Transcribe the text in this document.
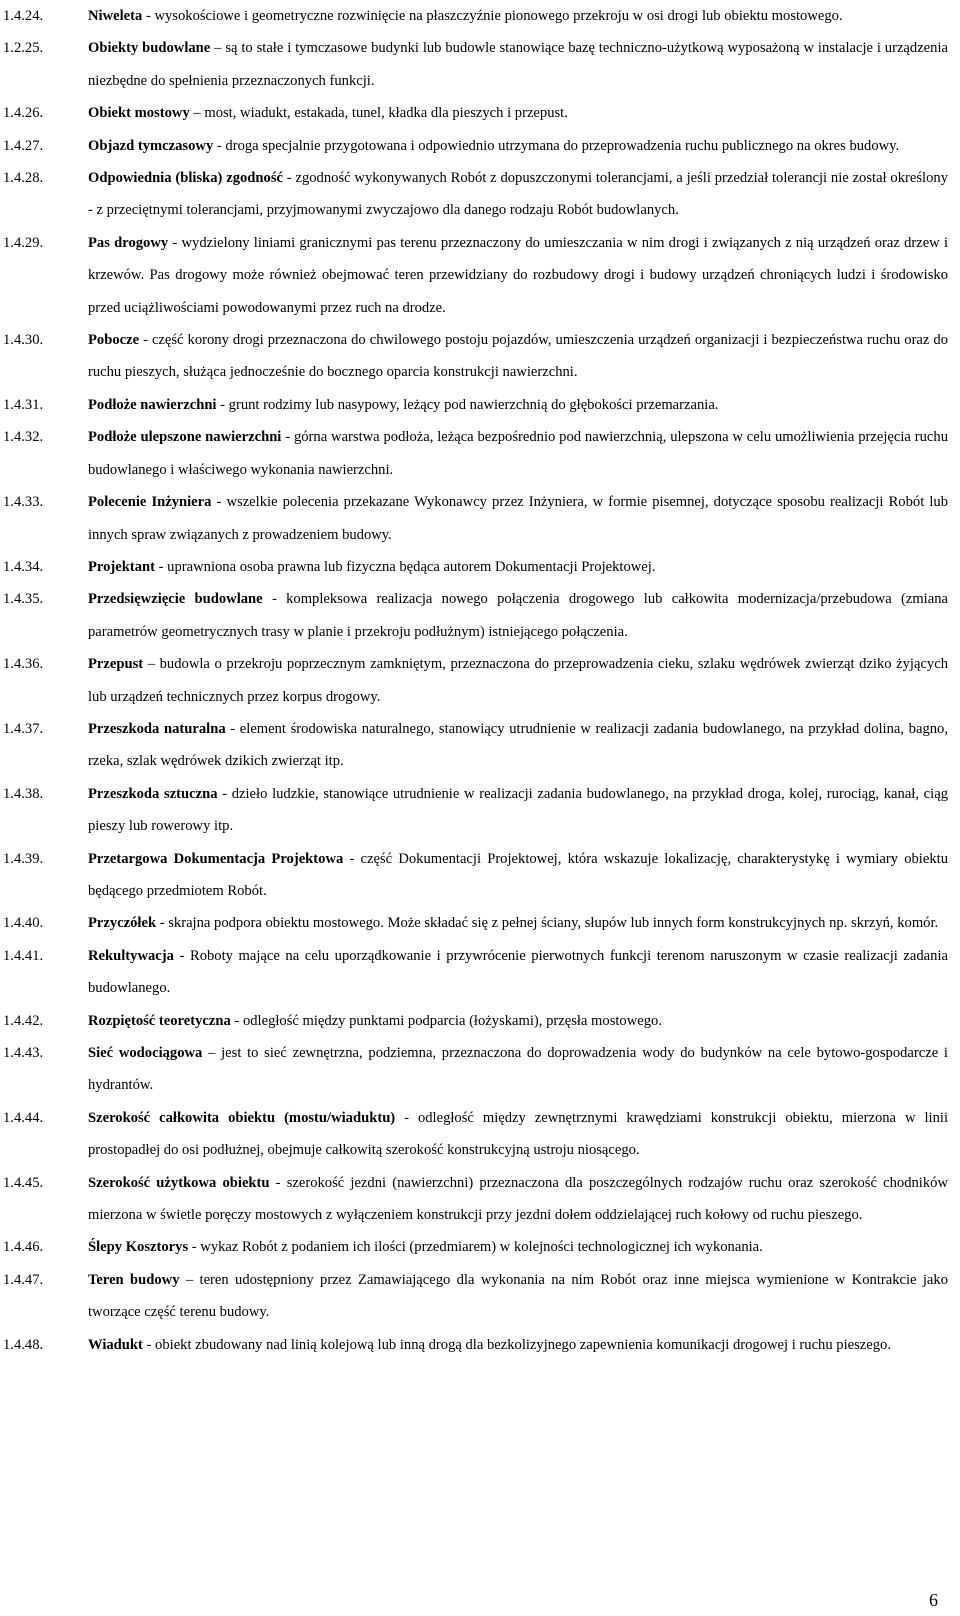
1.4.24.	Niweleta - wysokościowe i geometryczne rozwinięcie na płaszczyźnie pionowego przekroju w osi drogi lub obiektu mostowego.
1.2.25.	Obiekty budowlane – są to stałe i tymczasowe budynki lub budowle stanowiące bazę techniczno-użytkową wyposażoną w instalacje i urządzenia niezbędne do spełnienia przeznaczonych funkcji.
1.4.26.	Obiekt mostowy – most, wiadukt, estakada, tunel, kładka dla pieszych i przepust.
1.4.27.	Objazd tymczasowy - droga specjalnie przygotowana i odpowiednio utrzymana do przeprowadzenia ruchu publicznego na okres budowy.
1.4.28.	Odpowiednia (bliska) zgodność - zgodność wykonywanych Robót z dopuszczonymi tolerancjami, a jeśli przedział tolerancji nie został określony - z przeciętnymi tolerancjami, przyjmowanymi zwyczajowo dla danego rodzaju Robót budowlanych.
1.4.29.	Pas drogowy - wydzielony liniami granicznymi pas terenu przeznaczony do umieszczania w nim drogi i związanych z nią urządzeń oraz drzew i krzewów. Pas drogowy może również obejmować teren przewidziany do rozbudowy drogi i budowy urządzeń chroniących ludzi i środowisko przed uciążliwościami powodowanymi przez ruch na drodze.
1.4.30.	Pobocze - część korony drogi przeznaczona do chwilowego postoju pojazdów, umieszczenia urządzeń organizacji i bezpieczeństwa ruchu oraz do ruchu pieszych, służąca jednocześnie do bocznego oparcia konstrukcji nawierzchni.
1.4.31.	Podłoże nawierzchni - grunt rodzimy lub nasypowy, leżący pod nawierzchnią do głębokości przemarzania.
1.4.32.	Podłoże ulepszone nawierzchni - górna warstwa podłoża, leżąca bezpośrednio pod nawierzchnią, ulepszona w celu umożliwienia przejęcia ruchu budowlanego i właściwego wykonania nawierzchni.
1.4.33.	Polecenie Inżyniera - wszelkie polecenia przekazane Wykonawcy przez Inżyniera, w formie pisemnej, dotyczące sposobu realizacji Robót lub innych spraw związanych z prowadzeniem budowy.
1.4.34.	Projektant - uprawniona osoba prawna lub fizyczna będąca autorem Dokumentacji Projektowej.
1.4.35.	Przedsięwzięcie budowlane - kompleksowa realizacja nowego połączenia drogowego lub całkowita modernizacja/przebudowa (zmiana parametrów geometrycznych trasy w planie i przekroju podłużnym) istniejącego połączenia.
1.4.36.	Przepust – budowla o przekroju poprzecznym zamkniętym, przeznaczona do przeprowadzenia cieku, szlaku wędrówek zwierząt dziko żyjących lub urządzeń technicznych przez korpus drogowy.
1.4.37.	Przeszkoda naturalna - element środowiska naturalnego, stanowiący utrudnienie w realizacji zadania budowlanego, na przykład dolina, bagno, rzeka, szlak wędrówek dzikich zwierząt itp.
1.4.38.	Przeszkoda sztuczna - dzieło ludzkie, stanowiące utrudnienie w realizacji zadania budowlanego, na przykład droga, kolej, rurociąg, kanał, ciąg pieszy lub rowerowy itp.
1.4.39.	Przetargowa Dokumentacja Projektowa - część Dokumentacji Projektowej, która wskazuje lokalizację, charakterystykę i wymiary obiektu będącego przedmiotem Robót.
1.4.40.	Przyczółek - skrajna podpora obiektu mostowego. Może składać się z pełnej ściany, słupów lub innych form konstrukcyjnych np. skrzyń, komór.
1.4.41.	Rekultywacja - Roboty mające na celu uporządkowanie i przywrócenie pierwotnych funkcji terenom naruszonym w czasie realizacji zadania budowlanego.
1.4.42.	Rozpiętość teoretyczna - odległość między punktami podparcia (łożyskami), przęsła mostowego.
1.4.43.	Sieć wodociągowa – jest to sieć zewnętrzna, podziemna, przeznaczona do doprowadzenia wody do budynków na cele bytowo-gospodarcze i hydrantów.
1.4.44.	Szerokość całkowita obiektu (mostu/wiaduktu) - odległość między zewnętrznymi krawędziami konstrukcji obiektu, mierzona w linii prostopadłej do osi podłużnej, obejmuje całkowitą szerokość konstrukcyjną ustroju niosącego.
1.4.45.	Szerokość użytkowa obiektu - szerokość jezdni (nawierzchni) przeznaczona dla poszczególnych rodzajów ruchu oraz szerokość chodników mierzona w świetle poręczy mostowych z wyłączeniem konstrukcji przy jezdni dołem oddzielającej ruch kołowy od ruchu pieszego.
1.4.46.	Ślepy Kosztorys - wykaz Robót z podaniem ich ilości (przedmiarem) w kolejności technologicznej ich wykonania.
1.4.47.	Teren budowy – teren udostępniony przez Zamawiającego dla wykonania na nim Robót oraz inne miejsca wymienione w Kontrakcie jako tworzące część terenu budowy.
1.4.48.	Wiadukt - obiekt zbudowany nad linią kolejową lub inną drogą dla bezkolizyjnego zapewnienia komunikacji drogowej i ruchu pieszego.
6
